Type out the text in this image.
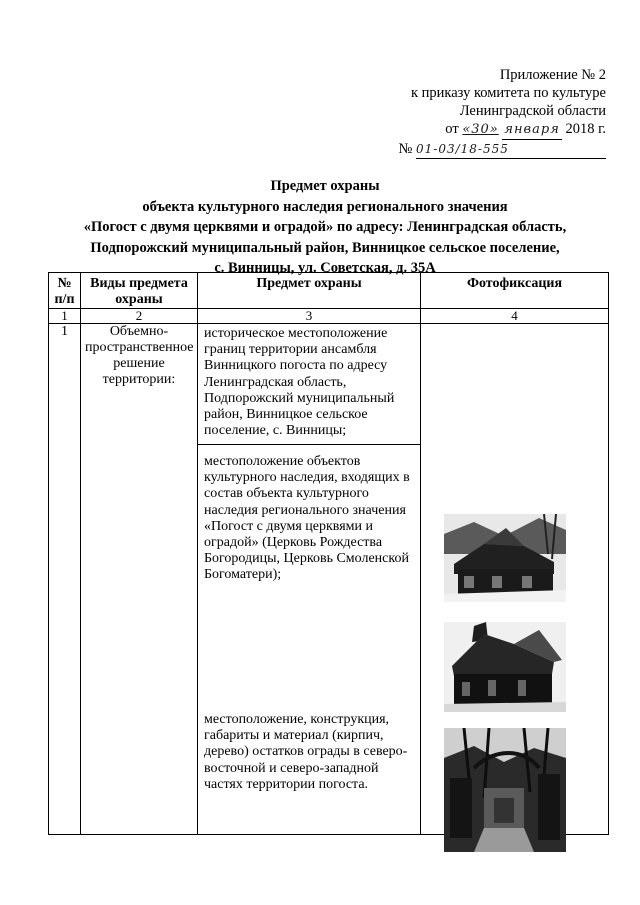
Приложение № 2
к приказу комитета по культуре
Ленинградской области
от «30» января 2018 г.
№ 01-03/18-555
Предмет охраны
объекта культурного наследия регионального значения
«Погост с двумя церквями и оградой» по адресу: Ленинградская область,
Подпорожский муниципальный район, Винницкое сельское поселение,
с. Винницы, ул. Советская, д. 35А
№ п/п	Виды предмета охраны	Предмет охраны	Фотофиксация
1	2	3	4
1	Объемно-пространственное решение территории:	историческое местоположение границ территории ансамбля Винницкого погоста по адресу Ленинградская область, Подпорожский муниципальный район, Винницкое сельское поселение, с. Винницы;
местоположение объектов культурного наследия, входящих в состав объекта культурного наследия регионального значения «Погост с двумя церквями и оградой» (Церковь Рождества Богородицы, Церковь Смоленской Богоматери);
местоположение, конструкция, габариты и материал (кирпич, дерево) остатков ограды в северо-восточной и северо-западной частях территории погоста.
